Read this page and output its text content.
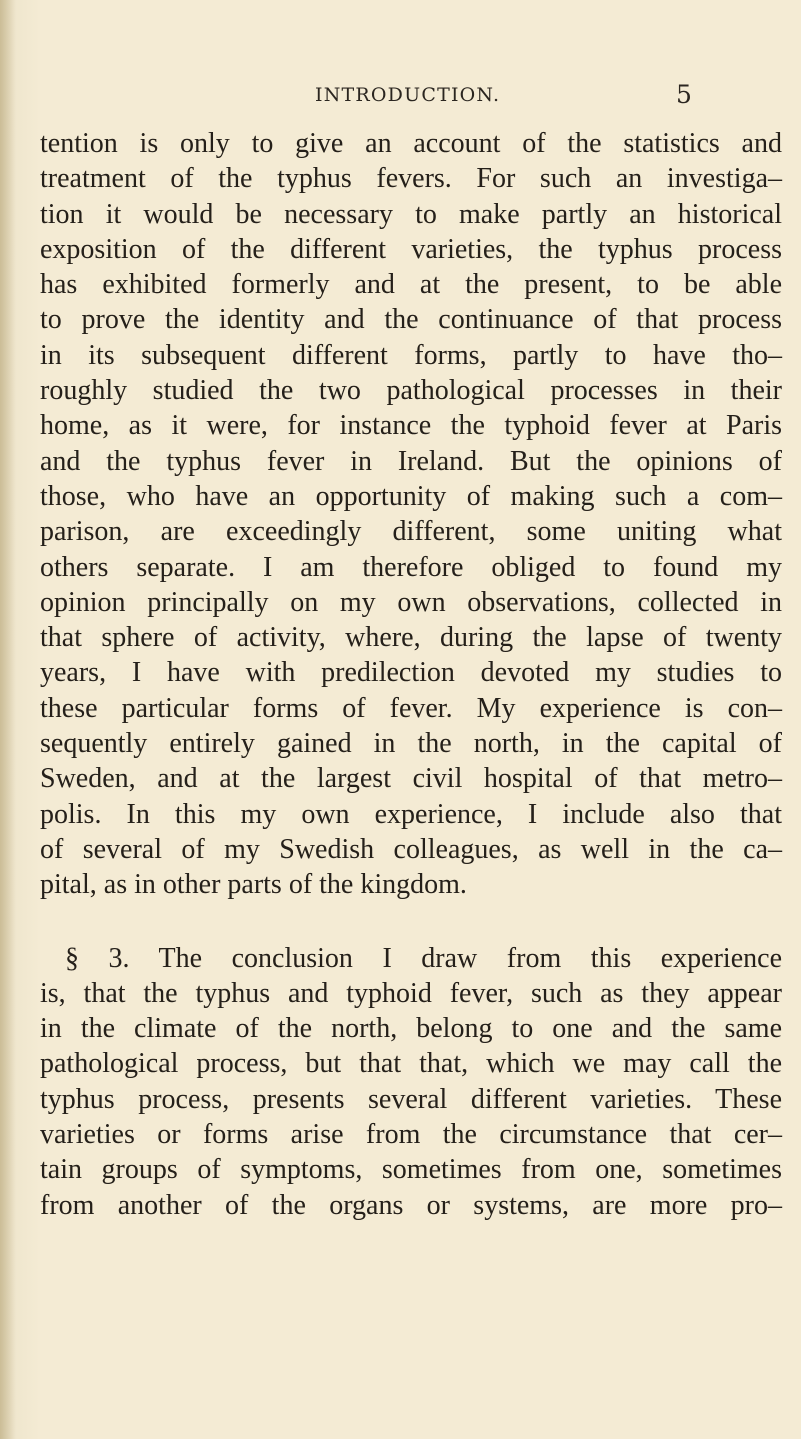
INTRODUCTION.	5
tention is only to give an account of the statistics and
treatment of the typhus fevers. For such an investiga–
tion it would be necessary to make partly an historical
exposition of the different varieties, the typhus process
has exhibited formerly and at the present, to be able
to prove the identity and the continuance of that process
in its subsequent different forms, partly to have tho–
roughly studied the two pathological processes in their
home, as it were, for instance the typhoid fever at Paris
and the typhus fever in Ireland. But the opinions of
those, who have an opportunity of making such a com–
parison, are exceedingly different, some uniting what
others separate. I am therefore obliged to found my
opinion principally on my own observations, collected in
that sphere of activity, where, during the lapse of twenty
years, I have with predilection devoted my studies to
these particular forms of fever. My experience is con–
sequently entirely gained in the north, in the capital of
Sweden, and at the largest civil hospital of that metro–
polis. In this my own experience, I include also that
of several of my Swedish colleagues, as well in the ca–
pital, as in other parts of the kingdom.
§ 3. The conclusion I draw from this experience
is, that the typhus and typhoid fever, such as they appear
in the climate of the north, belong to one and the same
pathological process, but that that, which we may call the
typhus process, presents several different varieties. These
varieties or forms arise from the circumstance that cer–
tain groups of symptoms, sometimes from one, sometimes
from another of the organs or systems, are more pro–
